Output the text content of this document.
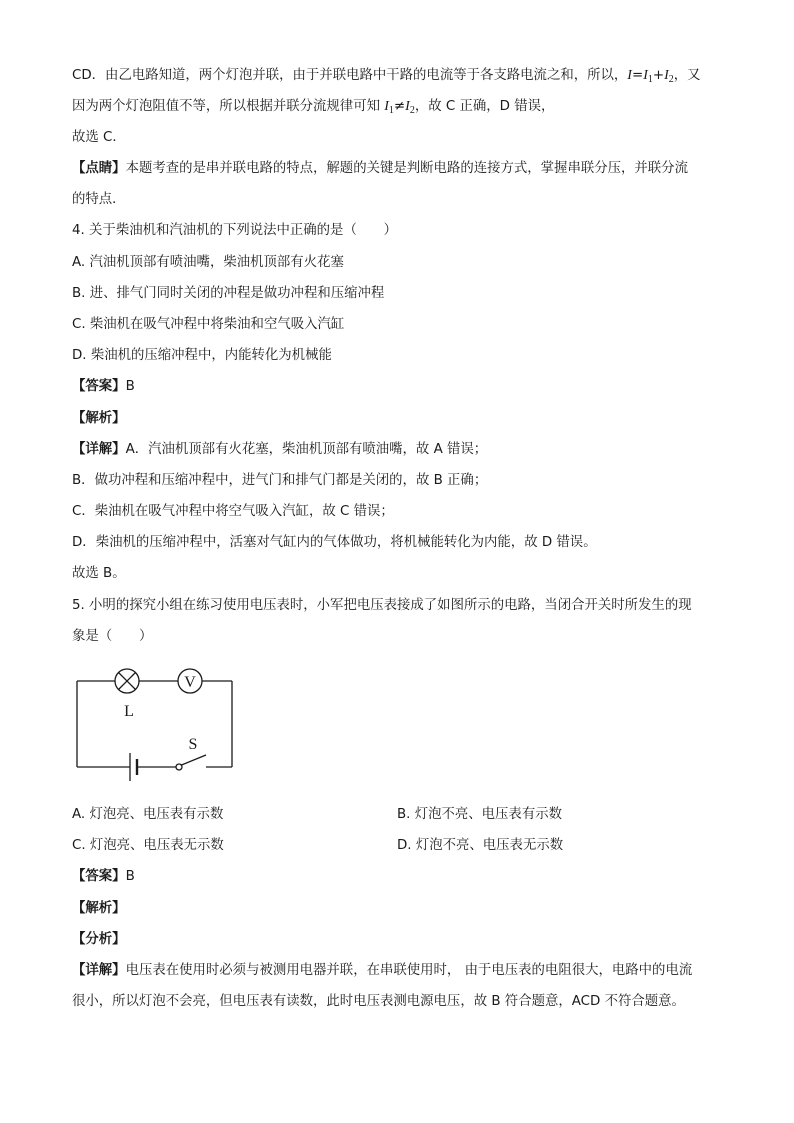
CD．由乙电路知道，两个灯泡并联，由于并联电路中干路的电流等于各支路电流之和，所以，$I=I_1+I_2$，又
因为两个灯泡阻值不等，所以根据并联分流规律可知 $I_1\ne I_2$，故 C 正确，D 错误，
故选 C．
【点睛】本题考查的是串并联电路的特点，解题的关键是判断电路的连接方式，掌握串联分压，并联分流
的特点．
4. 关于柴油机和汽油机的下列说法中正确的是（　　）
A. 汽油机顶部有喷油嘴，柴油机顶部有火花塞
B. 进、排气门同时关闭的冲程是做功冲程和压缩冲程
C. 柴油机在吸气冲程中将柴油和空气吸入汽缸
D. 柴油机的压缩冲程中，内能转化为机械能
【答案】B
【解析】
【详解】A．汽油机顶部有火花塞，柴油机顶部有喷油嘴，故 A 错误；
B．做功冲程和压缩冲程中，进气门和排气门都是关闭的，故 B 正确；
C．柴油机在吸气冲程中将空气吸入汽缸，故 C 错误；
D．柴油机的压缩冲程中，活塞对气缸内的气体做功，将机械能转化为内能，故 D 错误。
故选 B。
5. 小明的探究小组在练习使用电压表时，小军把电压表接成了如图所示的电路，当闭合开关时所发生的现
象是（　　）
V
L
S
A. 灯泡亮、电压表有示数	B. 灯泡不亮、电压表有示数
C. 灯泡亮、电压表无示数	D. 灯泡不亮、电压表无示数
【答案】B
【解析】
【分析】
【详解】电压表在使用时必须与被测用电器并联，在串联使用时， 由于电压表的电阻很大，电路中的电流
很小，所以灯泡不会亮，但电压表有读数，此时电压表测电源电压，故 B 符合题意，ACD 不符合题意。
